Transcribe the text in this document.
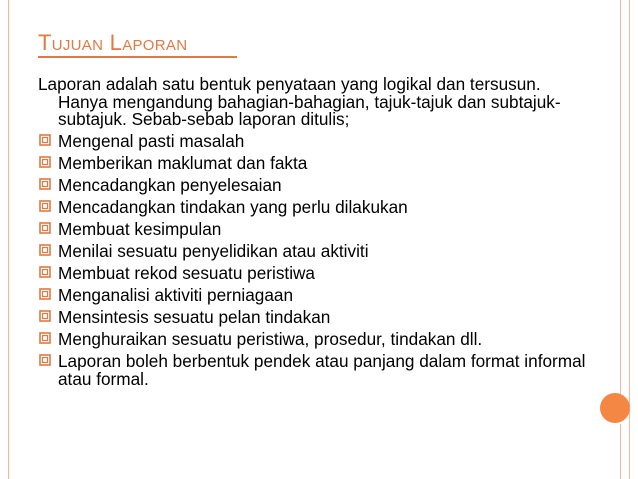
Tujuan Laporan
Laporan adalah satu bentuk penyataan yang logikal dan tersusun. Hanya mengandung bahagian-bahagian, tajuk-tajuk dan subtajuk-subtajuk. Sebab-sebab laporan ditulis;
Mengenal pasti masalah
Memberikan maklumat dan fakta
Mencadangkan penyelesaian
Mencadangkan tindakan yang perlu dilakukan
Membuat kesimpulan
Menilai sesuatu penyelidikan atau aktiviti
Membuat rekod sesuatu peristiwa
Menganalisi aktiviti perniagaan
Mensintesis sesuatu pelan tindakan
Menghuraikan sesuatu peristiwa, prosedur, tindakan dll.
Laporan boleh berbentuk pendek atau panjang dalam format informal atau formal.
